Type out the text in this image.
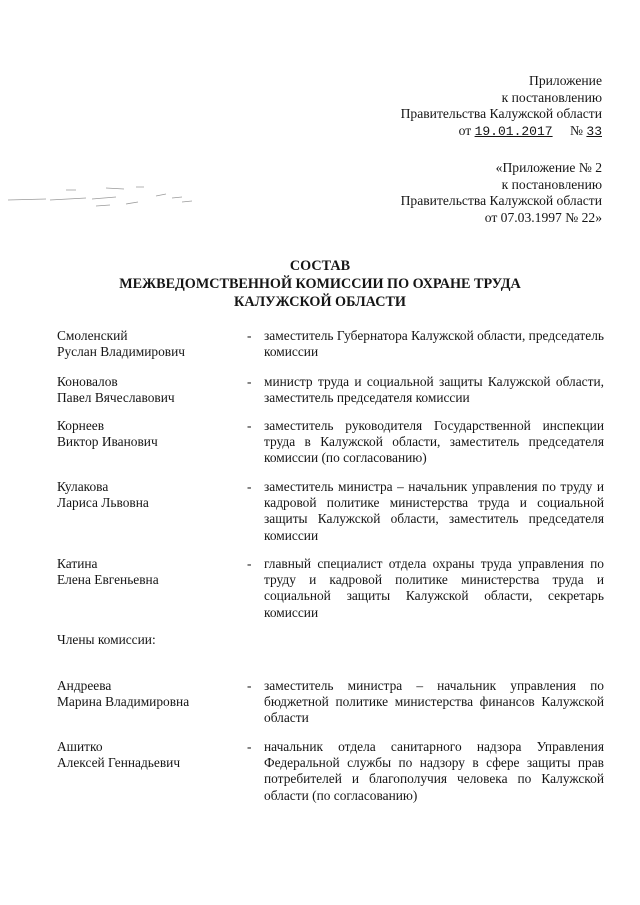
Приложение
к постановлению
Правительства Калужской области
от 19.01.2017 № 33
«Приложение № 2
к постановлению
Правительства Калужской области
от 07.03.1997 № 22»
СОСТАВ
МЕЖВЕДОМСТВЕННОЙ КОМИССИИ ПО ОХРАНЕ ТРУДА
КАЛУЖСКОЙ ОБЛАСТИ
Смоленский
Руслан Владимирович
- заместитель Губернатора Калужской области, председатель комиссии
Коновалов
Павел Вячеславович
- министр труда и социальной защиты Калужской области, заместитель председателя комиссии
Корнеев
Виктор Иванович
- заместитель руководителя Государственной инспекции труда в Калужской области, заместитель председателя комиссии (по согласованию)
Кулакова
Лариса Львовна
- заместитель министра – начальник управления по труду и кадровой политике министерства труда и социальной защиты Калужской области, заместитель председателя комиссии
Катина
Елена Евгеньевна
- главный специалист отдела охраны труда управления по труду и кадровой политике министерства труда и социальной защиты Калужской области, секретарь комиссии
Члены комиссии:
Андреева
Марина Владимировна
- заместитель министра – начальник управления по бюджетной политике министерства финансов Калужской области
Ашитко
Алексей Геннадьевич
- начальник отдела санитарного надзора Управления Федеральной службы по надзору в сфере защиты прав потребителей и благополучия человека по Калужской области (по согласованию)
